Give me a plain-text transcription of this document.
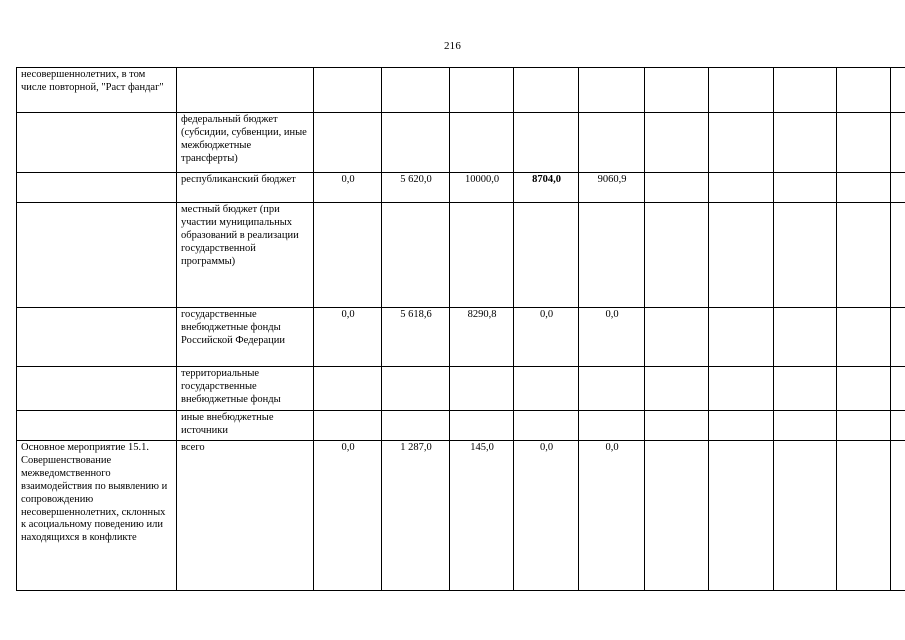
216
несовершеннолетних, в том числе повторной, "Раст фандаг"											
	федеральный бюджет (субсидии, субвенции, иные межбюджетные трансферты)										
	республиканский бюджет	0,0	5 620,0	10000,0	8704,0	9060,9					
	местный бюджет (при участии муниципальных образований в реализации государственной программы)										
	государственные внебюджетные фонды Российской Федерации	0,0	5 618,6	8290,8	0,0	0,0					
	территориальные государственные внебюджетные фонды										
	иные внебюджетные источники										
Основное мероприятие 15.1. Совершенствование межведомственного взаимодействия по выявлению и сопровождению несовершеннолетних, склонных к асоциальному поведению или находящихся в конфликте	всего	0,0	1 287,0	145,0	0,0	0,0					
